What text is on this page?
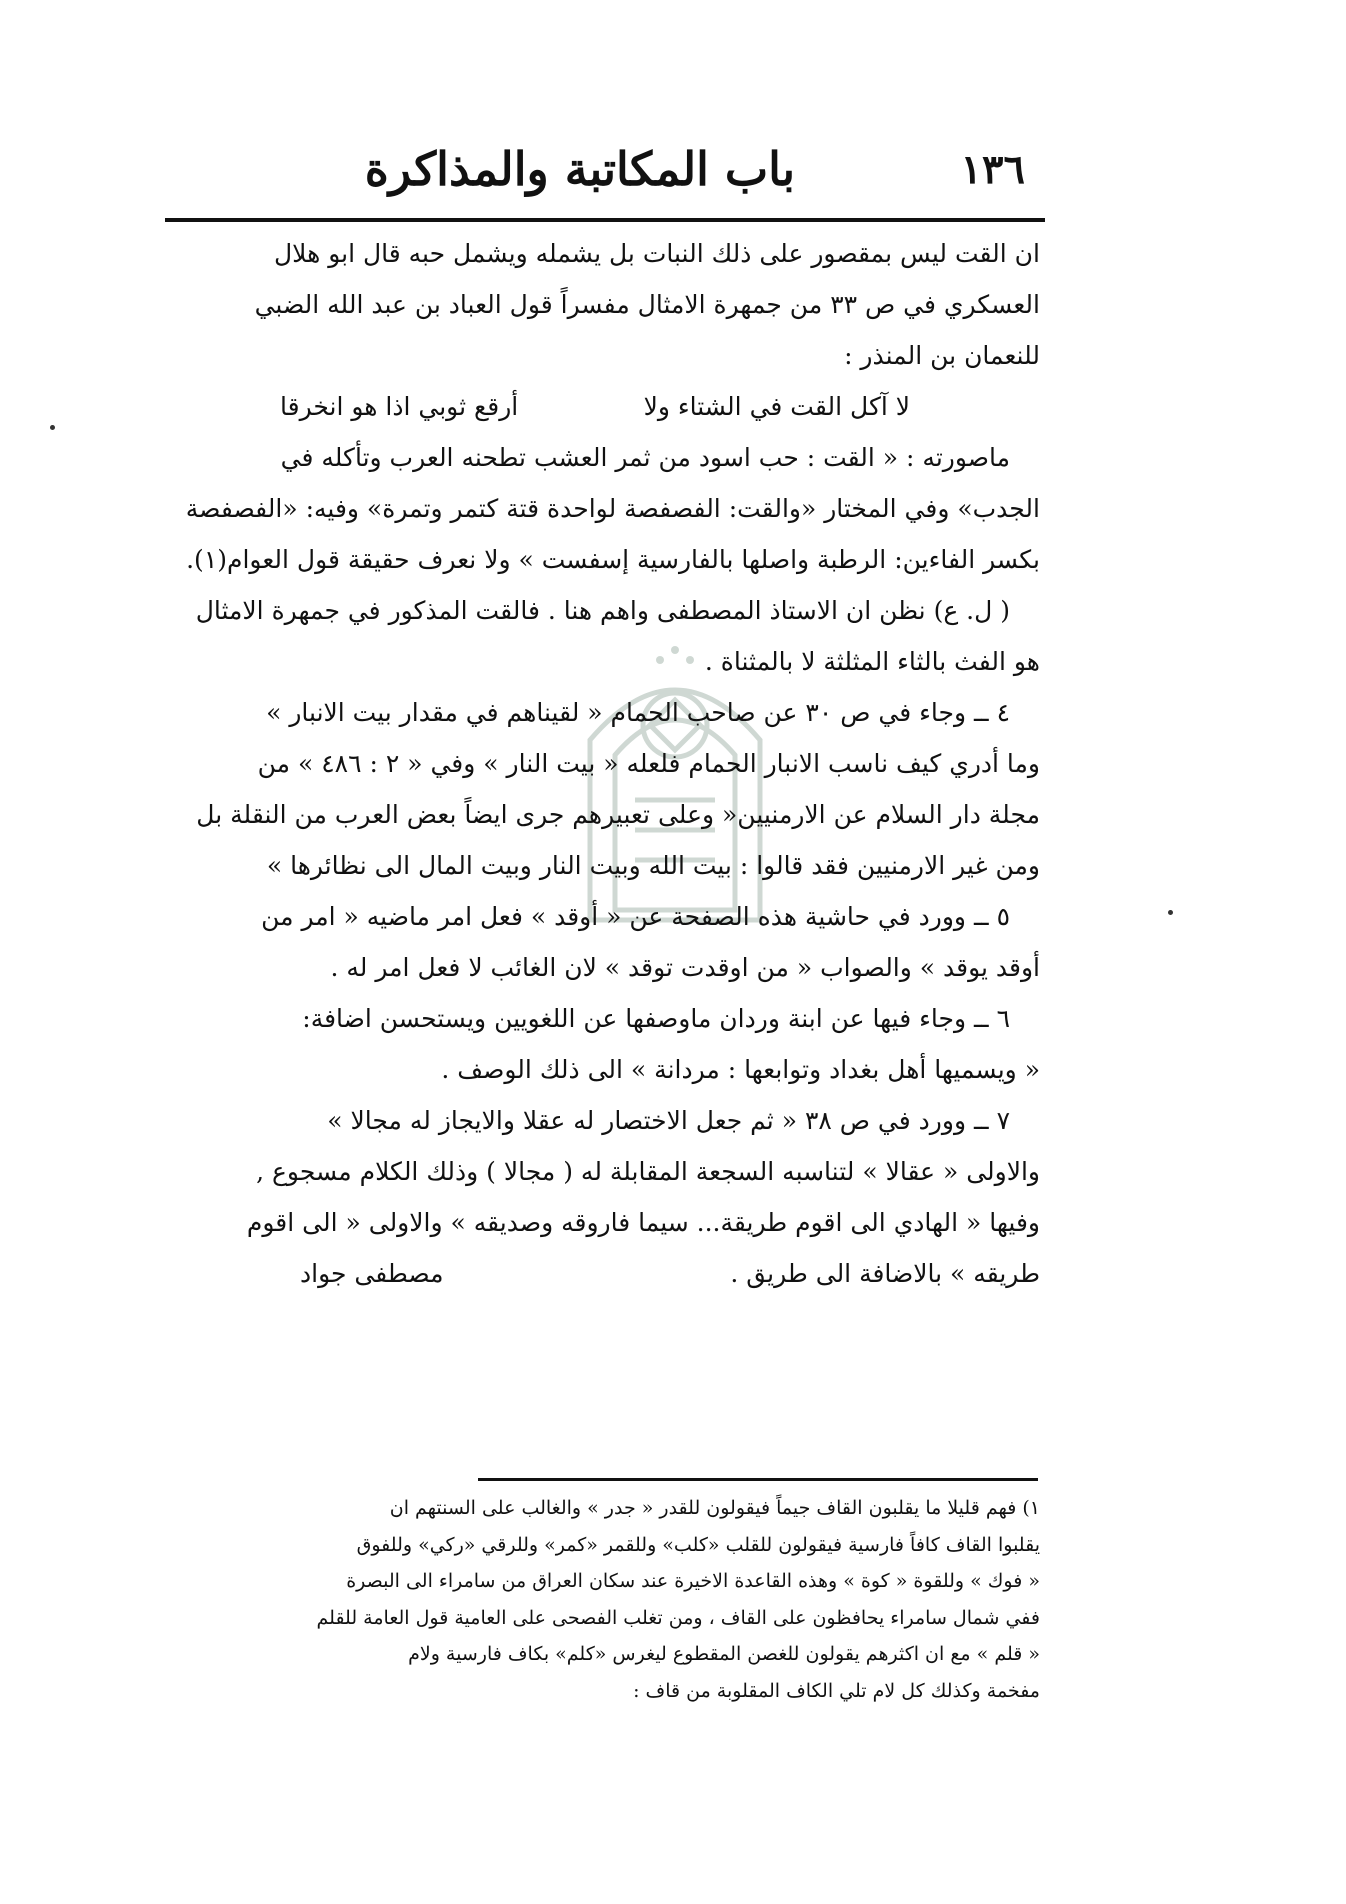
١٣٦
باب المكاتبة والمذاكرة

ان القت ليس بمقصور على ذلك النبات بل يشمله ويشمل حبه قال ابو هلال

العسكري في ص ٣٣ من جمهرة الامثال مفسراً قول العباد بن عبد الله الضبي

للنعمان بن المنذر :

لا آكل القت في الشتاء ولا
أرقع ثوبي اذا هو انخرقا

ماصورته : « القت : حب اسود من ثمر العشب تطحنه العرب وتأكله في

الجدب» وفي المختار «والقت: الفصفصة لواحدة قتة كتمر وتمرة» وفيه: «الفصفصة

بكسر الفاءين: الرطبة واصلها بالفارسية إسفست » ولا نعرف حقيقة قول العوام(١).

( ل. ع) نظن ان الاستاذ المصطفى واهم هنا . فالقت المذكور في جمهرة الامثال

هو الفث بالثاء المثلثة لا بالمثناة .

٤ ــ وجاء في ص ٣٠ عن صاحب الحمام « لقيناهم في مقدار بيت الانبار »

وما أدري كيف ناسب الانبار الحمام فلعله « بيت النار » وفي « ٢ : ٤٨٦ » من

مجلة دار السلام عن الارمنيين« وعلى تعبيرهم جرى ايضاً بعض العرب من النقلة بل

ومن غير الارمنيين فقد قالوا : بيت الله وبيت النار وبيت المال الى نظائرها »

٥ ــ وورد في حاشية هذه الصفحة عن « أوقد » فعل امر ماضيه « امر من

أوقد يوقد » والصواب « من اوقدت توقد » لان الغائب لا فعل امر له .

٦ ــ وجاء فيها عن ابنة وردان ماوصفها عن اللغويين ويستحسن اضافة:

« ويسميها أهل بغداد وتوابعها : مردانة » الى ذلك الوصف .

٧ ــ وورد في ص ٣٨ « ثم جعل الاختصار له عقلا والايجاز له مجالا »

والاولى « عقالا » لتناسبه السجعة المقابلة له ( مجالا ) وذلك الكلام مسجوع ,

وفيها « الهادي الى اقوم طريقة... سيما فاروقه وصديقه » والاولى « الى اقوم

طريقه » بالاضافة الى طريق .
مصطفى جواد

١) فهم قليلا ما يقلبون القاف جيماً فيقولون للقدر « جدر » والغالب على السنتهم ان

يقلبوا القاف كافاً فارسية فيقولون للقلب «كلب» وللقمر «كمر» وللرقي «ركي» وللفوق

« فوك » وللقوة « كوة » وهذه القاعدة الاخيرة عند سكان العراق من سامراء الى البصرة

ففي شمال سامراء يحافظون على القاف ، ومن تغلب الفصحى على العامية قول العامة للقلم

« قلم » مع ان اكثرهم يقولون للغصن المقطوع ليغرس «كلم» بكاف فارسية ولام

مفخمة وكذلك كل لام تلي الكاف المقلوبة من قاف :
